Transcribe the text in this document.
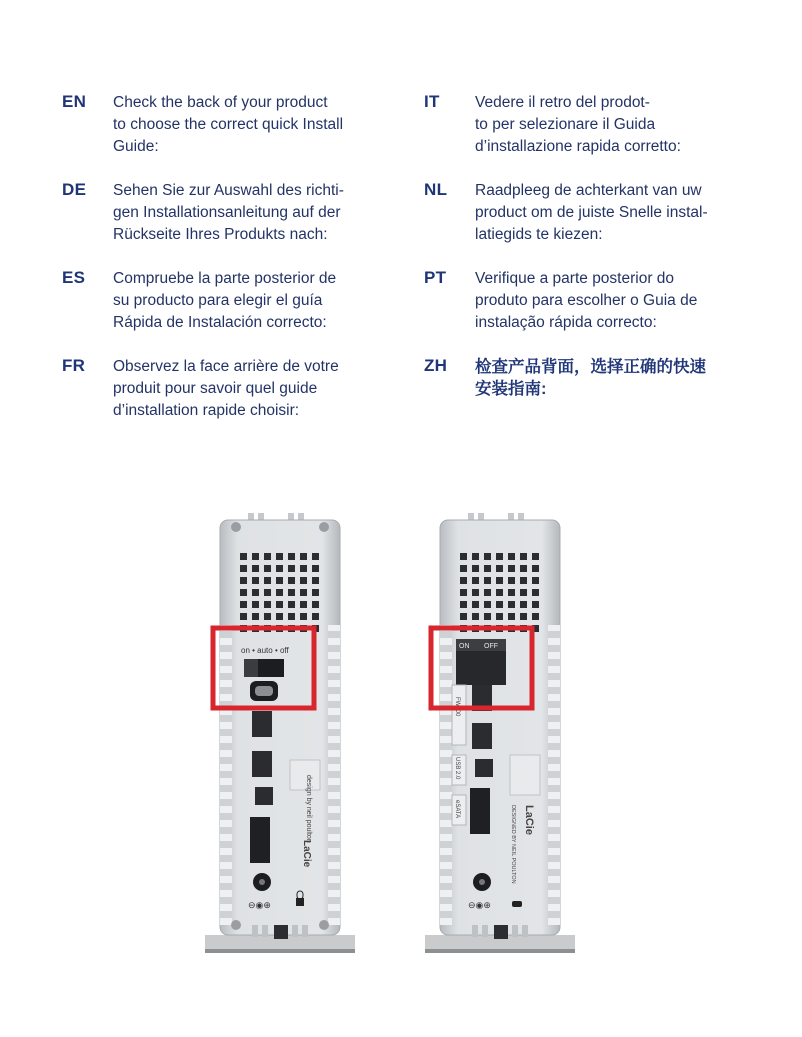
EN Check the back of your product
to choose the correct quick Install
Guide:
DE Sehen Sie zur Auswahl des richti-
gen Installationsanleitung auf der
Rückseite Ihres Produkts nach:
ES Compruebe la parte posterior de
su producto para elegir el guía
Rápida de Instalación correcto:
FR Observez la face arrière de votre
produit pour savoir quel guide
d’installation rapide choisir:
IT Vedere il retro del prodot-
to per selezionare il Guida
d’installazione rapida corretto:
NL Raadpleeg de achterkant van uw
product om de juiste Snelle instal-
latiegids te kiezen:
PT Verifique a parte posterior do
produto para escolher o Guia de
instalação rápida correcto:
ZH 检查产品背面，选择正确的快速
安装指南:
on • auto • off
LaCie
design by neil poulton
⊖◉⊕
ON OFF
FW800
USB 2.0
eSATA	LaCie
DESIGNED BY NEIL POULTON
⊖◉⊕
